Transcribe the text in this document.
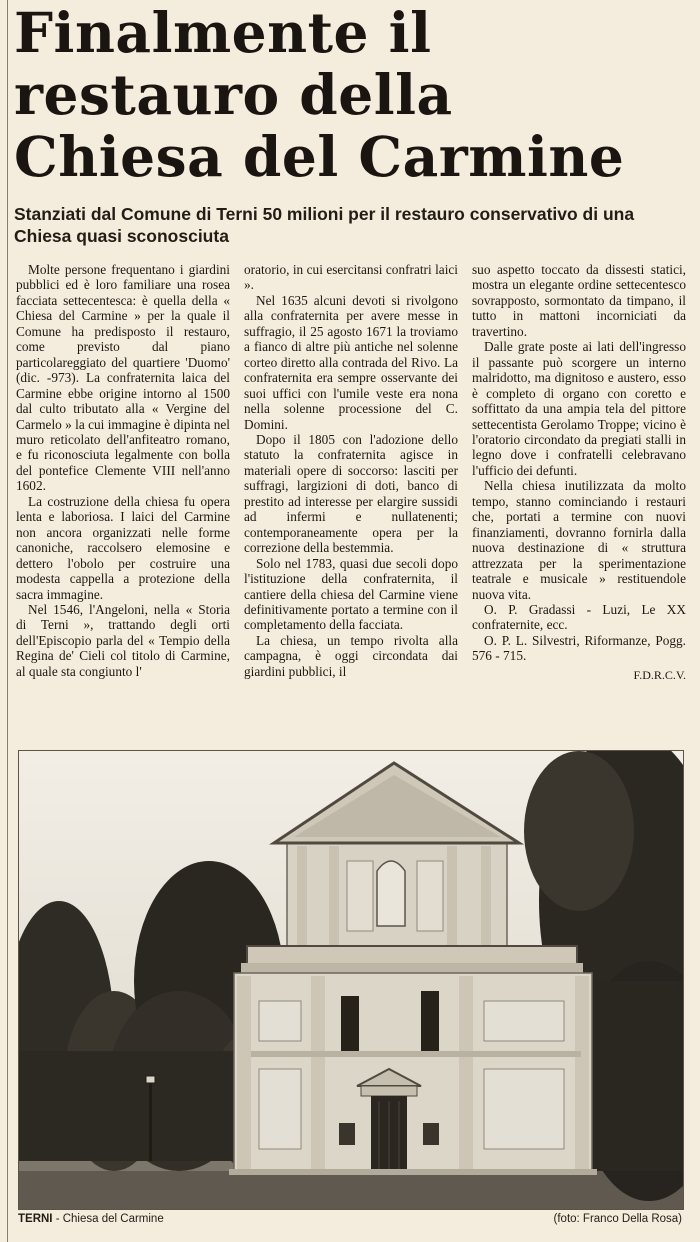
Finalmente il
restauro della
Chiesa del Carmine
Stanziati dal Comune di Terni 50 milioni per il restauro conservativo di una Chiesa quasi sconosciuta

Molte persone frequentano i giardini pubblici ed è loro familiare una rosea facciata settecentesca: è quella della « Chiesa del Carmine » per la quale il Comune ha predisposto il restauro, come previsto dal piano particolareggiato del quartiere 'Duomo' (dic. -973). La confraternita laica del Carmine ebbe origine intorno al 1500 dal culto tributato alla « Vergine del Carmelo » la cui immagine è dipinta nel muro reticolato dell'anfiteatro romano, e fu riconosciuta legalmente con bolla del pontefice Clemente VIII nell'anno 1602.

La costruzione della chiesa fu opera lenta e laboriosa. I laici del Carmine non ancora organizzati nelle forme canoniche, raccolsero elemosine e dettero l'obolo per costruire una modesta cappella a protezione della sacra immagine.

Nel 1546, l'Angeloni, nella « Storia di Terni », trattando degli orti dell'Episcopio parla del « Tempio della Regina de' Cieli col titolo di Carmine, al quale sta congiunto l'

oratorio, in cui esercitansi confratri laici ».

Nel 1635 alcuni devoti si rivolgono alla confraternita per avere messe in suffragio, il 25 agosto 1671 la troviamo a fianco di altre più antiche nel solenne corteo diretto alla contrada del Rivo. La confraternita era sempre osservante dei suoi uffici con l'umile veste era nona nella solenne processione del C. Domini.

Dopo il 1805 con l'adozione dello statuto la confraternita agisce in materiali opere di soccorso: lasciti per suffragi, largizioni di doti, banco di prestito ad interesse per elargire sussidi ad infermi e nullatenenti; contemporaneamente opera per la correzione della bestemmia.

Solo nel 1783, quasi due secoli dopo l'istituzione della confraternita, il cantiere della chiesa del Carmine viene definitivamente portato a termine con il completamento della facciata.

La chiesa, un tempo rivolta alla campagna, è oggi circondata dai giardini pubblici, il

suo aspetto toccato da dissesti statici, mostra un elegante ordine settecentesco sovrapposto, sormontato da timpano, il tutto in mattoni incorniciati da travertino.

Dalle grate poste ai lati dell'ingresso il passante può scorgere un interno malridotto, ma dignitoso e austero, esso è completo di organo con coretto e soffittato da una ampia tela del pittore settecentista Gerolamo Troppe; vicino è l'oratorio circondato da pregiati stalli in legno dove i confratelli celebravano l'ufficio dei defunti.

Nella chiesa inutilizzata da molto tempo, stanno cominciando i restauri che, portati a termine con nuovi finanziamenti, dovranno fornirla dalla nuova destinazione di « struttura attrezzata per la sperimentazione teatrale e musicale » restituendole nuova vita.

O. P. Gradassi - Luzi, Le XX confraternite, ecc.

O. P. L. Silvestri, Riformanze, Pogg. 576 - 715.

F.D.R.C.V.

TERNI - Chiesa del Carmine	(foto: Franco Della Rosa)
